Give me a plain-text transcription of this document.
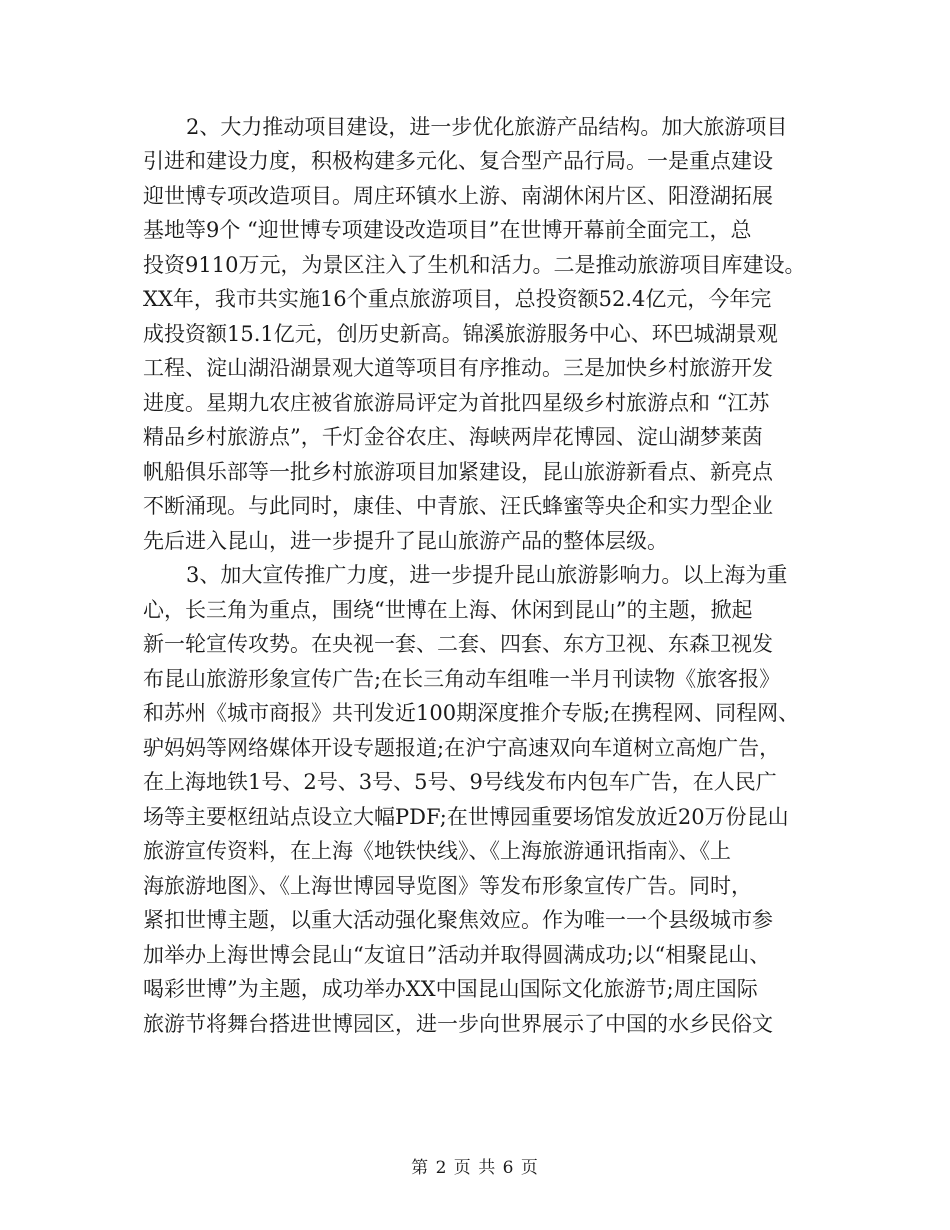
2、大力推动项目建设，进一步优化旅游产品结构。加大旅游项目
引进和建设力度，积极构建多元化、复合型产品行局。一是重点建设
迎世博专项改造项目。周庄环镇水上游、南湖休闲片区、阳澄湖拓展
基地等9个 “迎世博专项建设改造项目”在世博开幕前全面完工，总
投资9110万元，为景区注入了生机和活力。二是推动旅游项目库建设。
XX年，我市共实施16个重点旅游项目，总投资额52.4亿元，今年完
成投资额15.1亿元，创历史新高。锦溪旅游服务中心、环巴城湖景观
工程、淀山湖沿湖景观大道等项目有序推动。三是加快乡村旅游开发
进度。星期九农庄被省旅游局评定为首批四星级乡村旅游点和 “江苏
精品乡村旅游点”，千灯金谷农庄、海峡两岸花博园、淀山湖梦莱茵
帆船俱乐部等一批乡村旅游项目加紧建设，昆山旅游新看点、新亮点
不断涌现。与此同时，康佳、中青旅、汪氏蜂蜜等央企和实力型企业
先后进入昆山，进一步提升了昆山旅游产品的整体层级。
3、加大宣传推广力度，进一步提升昆山旅游影响力。以上海为重
心，长三角为重点，围绕“世博在上海、休闲到昆山”的主题，掀起
新一轮宣传攻势。在央视一套、二套、四套、东方卫视、东森卫视发
布昆山旅游形象宣传广告;在长三角动车组唯一半月刊读物《旅客报》
和苏州《城市商报》共刊发近100期深度推介专版;在携程网、同程网、
驴妈妈等网络媒体开设专题报道;在沪宁高速双向车道树立高炮广告，
在上海地铁1号、2号、3号、5号、9号线发布内包车广告，在人民广
场等主要枢纽站点设立大幅PDF;在世博园重要场馆发放近20万份昆山
旅游宣传资料，在上海《地铁快线》、《上海旅游通讯指南》、《上
海旅游地图》、《上海世博园导览图》等发布形象宣传广告。同时，
紧扣世博主题，以重大活动强化聚焦效应。作为唯一一个县级城市参
加举办上海世博会昆山“友谊日”活动并取得圆满成功;以“相聚昆山、
喝彩世博”为主题，成功举办XX中国昆山国际文化旅游节;周庄国际
旅游节将舞台搭进世博园区，进一步向世界展示了中国的水乡民俗文
第 2 页 共 6 页
